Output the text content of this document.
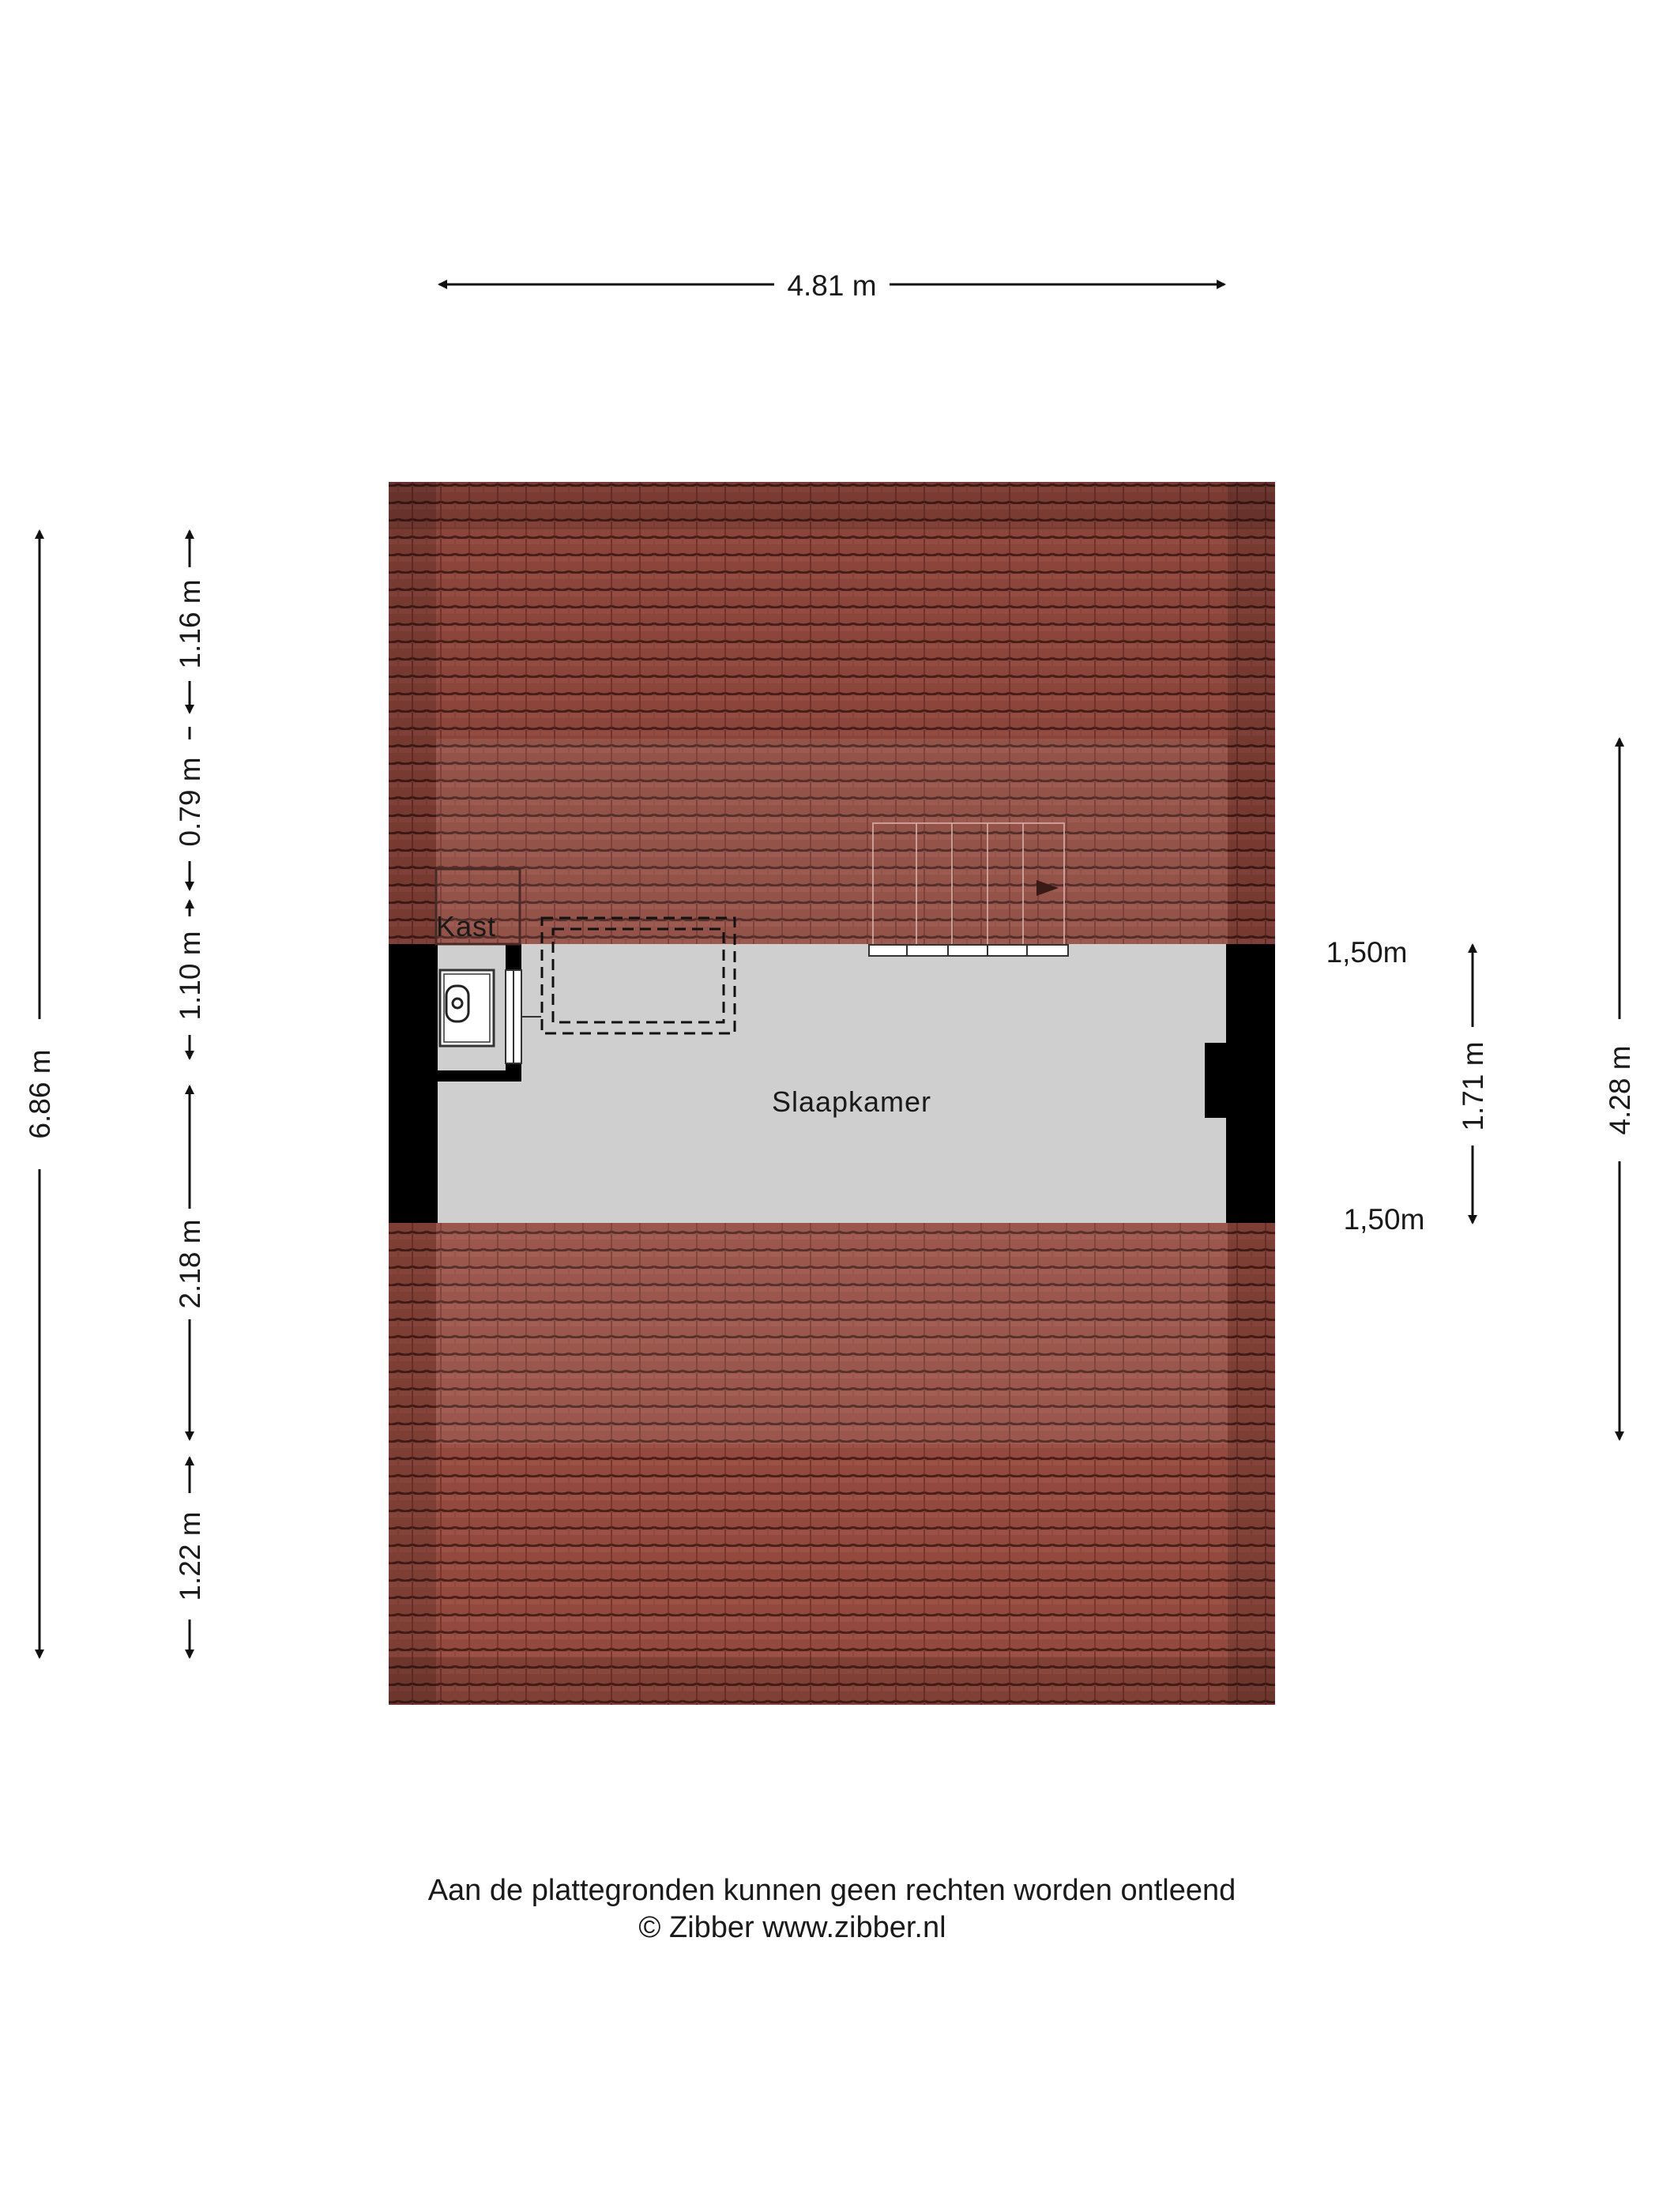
4.81 m
Kast
Slaapkamer
6.86 m
1.16 m
0.79 m
1.10 m
2.18 m
1.22 m
1,50m
1,50m
1.71 m	4.28 m
Aan de plattegronden kunnen geen rechten worden ontleend
© Zibber www.zibber.nl
